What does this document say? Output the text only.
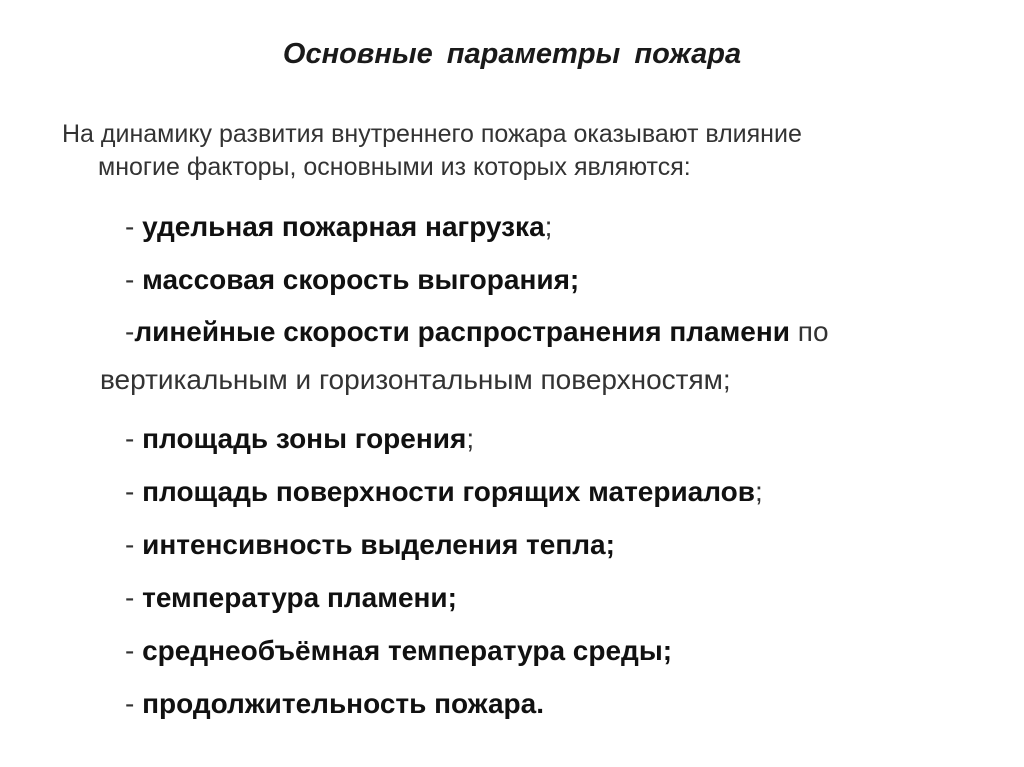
Основные параметры пожара
На динамику развития внутреннего пожара оказывают влияние
многие факторы, основными из которых являются:
- удельная пожарная нагрузка;
- массовая скорость выгорания;
-линейные скорости распространения пламени по вертикальным и горизонтальным поверхностям;
- площадь зоны горения;
- площадь поверхности горящих материалов;
- интенсивность выделения тепла;
- температура пламени;
- среднеобъёмная температура среды;
- продолжительность пожара.
